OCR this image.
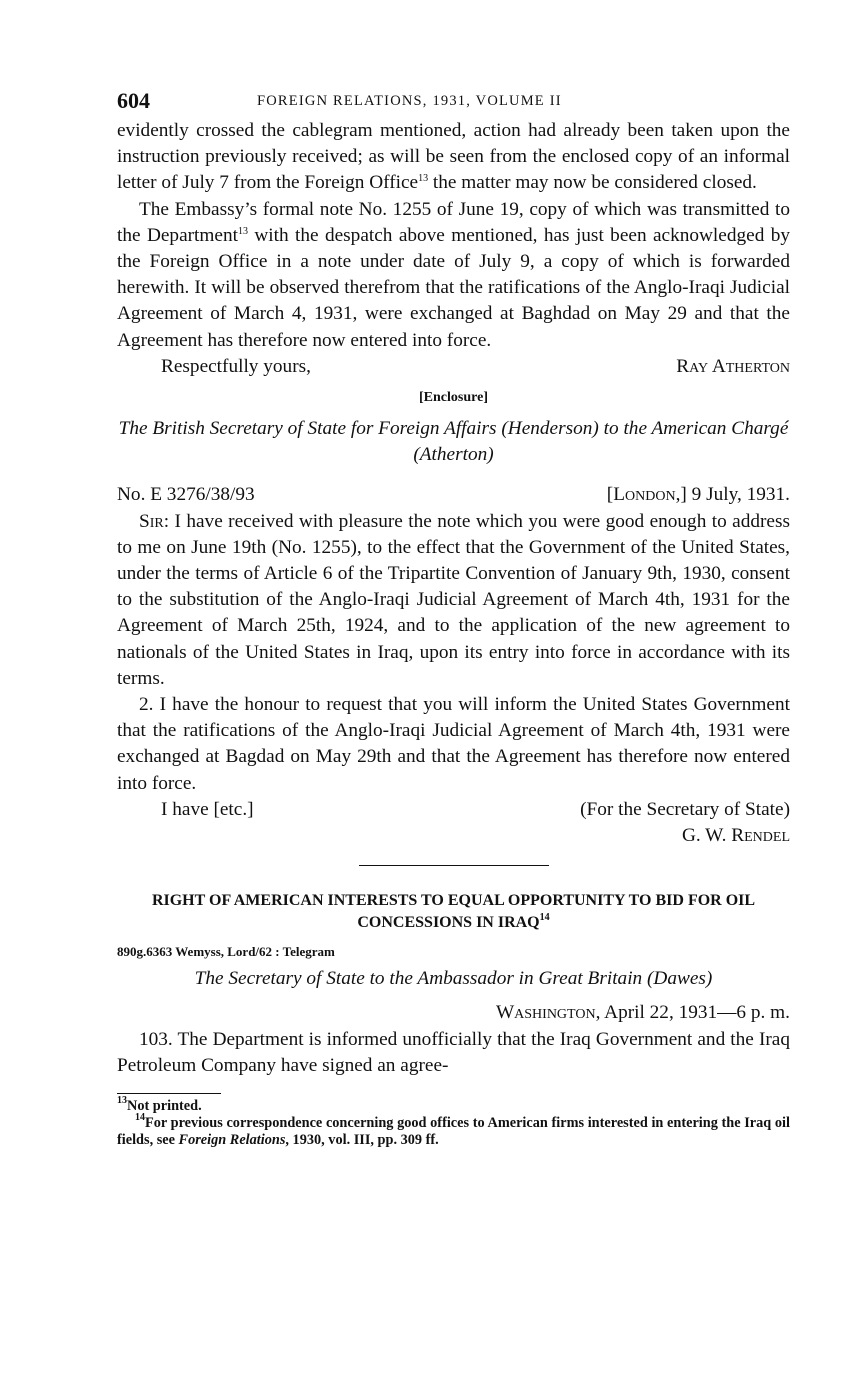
604	FOREIGN RELATIONS, 1931, VOLUME II

evidently crossed the cablegram mentioned, action had already been taken upon the instruction previously received; as will be seen from the enclosed copy of an informal letter of July 7 from the Foreign Office$^{13}$ the matter may now be considered closed.

The Embassy’s formal note No. 1255 of June 19, copy of which was transmitted to the Department$^{13}$ with the despatch above mentioned, has just been acknowledged by the Foreign Office in a note under date of July 9, a copy of which is forwarded herewith. It will be observed therefrom that the ratifications of the Anglo-Iraqi Judicial Agreement of March 4, 1931, were exchanged at Baghdad on May 29 and that the Agreement has therefore now entered into force.

Respectfully yours,	Ray Atherton
[Enclosure]

The British Secretary of State for Foreign Affairs (Henderson) to the American Chargé (Atherton)

No. E 3276/38/93	[London,] 9 July, 1931.

Sir: I have received with pleasure the note which you were good enough to address to me on June 19th (No. 1255), to the effect that the Government of the United States, under the terms of Article 6 of the Tripartite Convention of January 9th, 1930, consent to the substitution of the Anglo-Iraqi Judicial Agreement of March 4th, 1931 for the Agreement of March 25th, 1924, and to the application of the new agreement to nationals of the United States in Iraq, upon its entry into force in accordance with its terms.

2. I have the honour to request that you will inform the United States Government that the ratifications of the Anglo-Iraqi Judicial Agreement of March 4th, 1931 were exchanged at Bagdad on May 29th and that the Agreement has therefore now entered into force.

I have [etc.]	(For the Secretary of State)
G. W. Rendel

RIGHT OF AMERICAN INTERESTS TO EQUAL OPPORTUNITY TO BID FOR OIL CONCESSIONS IN IRAQ$^{14}$

890g.6363 Wemyss, Lord/62 : Telegram

The Secretary of State to the Ambassador in Great Britain (Dawes)

Washington, April 22, 1931—6 p. m.

103. The Department is informed unofficially that the Iraq Government and the Iraq Petroleum Company have signed an agree-

$^{13}$Not printed.

$^{14}$For previous correspondence concerning good offices to American firms interested in entering the Iraq oil fields, see Foreign Relations, 1930, vol. III, pp. 309 ff.
